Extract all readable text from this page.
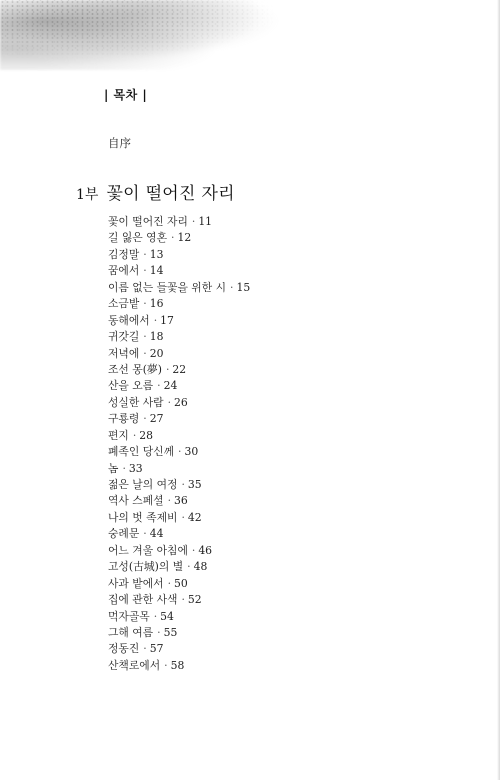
| 목차 |
自序
1부 꽃이 떨어진 자리
꽃이 떨어진 자리 · 11
길 잃은 영혼 · 12
김정말 · 13
꿈에서 · 14
이름 없는 들꽃을 위한 시 · 15
소금밭 · 16
동해에서 · 17
귀갓길 · 18
저녁에 · 20
조선 몽(夢) · 22
산을 오름 · 24
성실한 사람 · 26
구룡령 · 27
편지 · 28
폐족인 당신께 · 30
놈 · 33
젊은 날의 여정 · 35
역사 스페셜 · 36
나의 벗 족제비 · 42
숭례문 · 44
어느 겨울 아침에 · 46
고성(古城)의 별 · 48
사과 밭에서 · 50
집에 관한 사색 · 52
먹자골목 · 54
그해 여름 · 55
정동진 · 57
산책로에서 · 58
